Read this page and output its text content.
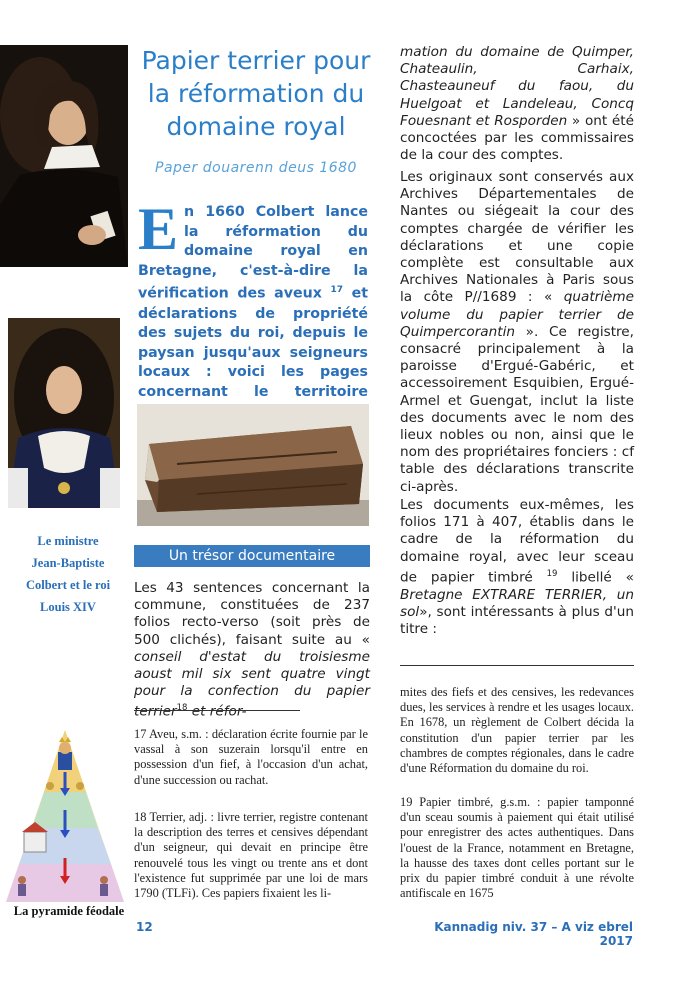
Le ministre
Jean-Baptiste
Colbert et le roi
Louis XIV
Papier terrier pour la réformation du domaine royal
Paper douarenn deus 1680
En 1660 Colbert lance la réformation du domaine royal en Bretagne, c'est-à-dire la vérification des aveux $^{17}$ et déclarations de propriété des sujets du roi, depuis le paysan jusqu'aux seigneurs locaux : voici les pages concernant le territoire
Un trésor documentaire
Les 43 sentences concernant la commune, constituées de 237 folios recto-verso (soit près de 500 clichés), faisant suite au « conseil d'estat du troisiesme aoust mil six sent quatre vingt pour la confection du papier terrier$^{18}$ et réfor-
17 Aveu, s.m. : déclaration écrite fournie par le vassal à son suzerain lorsqu'il entre en possession d'un fief, à l'occasion d'un achat, d'une succession ou rachat.
18 Terrier, adj. : livre terrier, registre contenant la description des terres et censives dépendant d'un seigneur, qui devait en principe être renouvelé tous les vingt ou trente ans et dont l'existence fut supprimée par une loi de mars 1790 (TLFi). Ces papiers fixaient les li-
mation du domaine de Quimper, Chateaulin, Carhaix, Chasteauneuf du faou, du Huelgoat et Landeleau, Concq Fouesnant et Rosporden » ont été concoctées par les commissaires de la cour des comptes.
Les originaux sont conservés aux Archives Départementales de Nantes ou siégeait la cour des comptes chargée de vérifier les déclarations et une copie complète est consultable aux Archives Nationales à Paris sous la côte P//1689 : « quatrième volume du papier terrier de Quimpercorantin ». Ce registre, consacré principalement à la paroisse d'Ergué-Gabéric, et accessoirement Esquibien, Ergué-Armel et Guengat, inclut la liste des documents avec le nom des lieux nobles ou non, ainsi que le nom des propriétaires fonciers : cf table des déclarations transcrite ci-après.
Les documents eux-mêmes, les folios 171 à 407, établis dans le cadre de la réformation du domaine royal, avec leur sceau de papier timbré $^{19}$ libellé « Bretagne EXTRARE TERRIER, un sol», sont intéressants à plus d'un titre :
mites des fiefs et des censives, les redevances dues, les services à rendre et les usages locaux. En 1678, un règlement de Colbert décida la constitution d'un papier terrier par les chambres de comptes régionales, dans le cadre d'une Réformation du domaine du roi.
19 Papier timbré, g.s.m. : papier tamponné d'un sceau soumis à paiement qui était utilisé pour enregistrer des actes authentiques. Dans l'ouest de la France, notamment en Bretagne, la hausse des taxes dont celles portant sur le prix du papier timbré conduit à une révolte antifiscale en 1675
La pyramide féodale
12	Kannadig niv. 37 – A viz ebrel 2017
